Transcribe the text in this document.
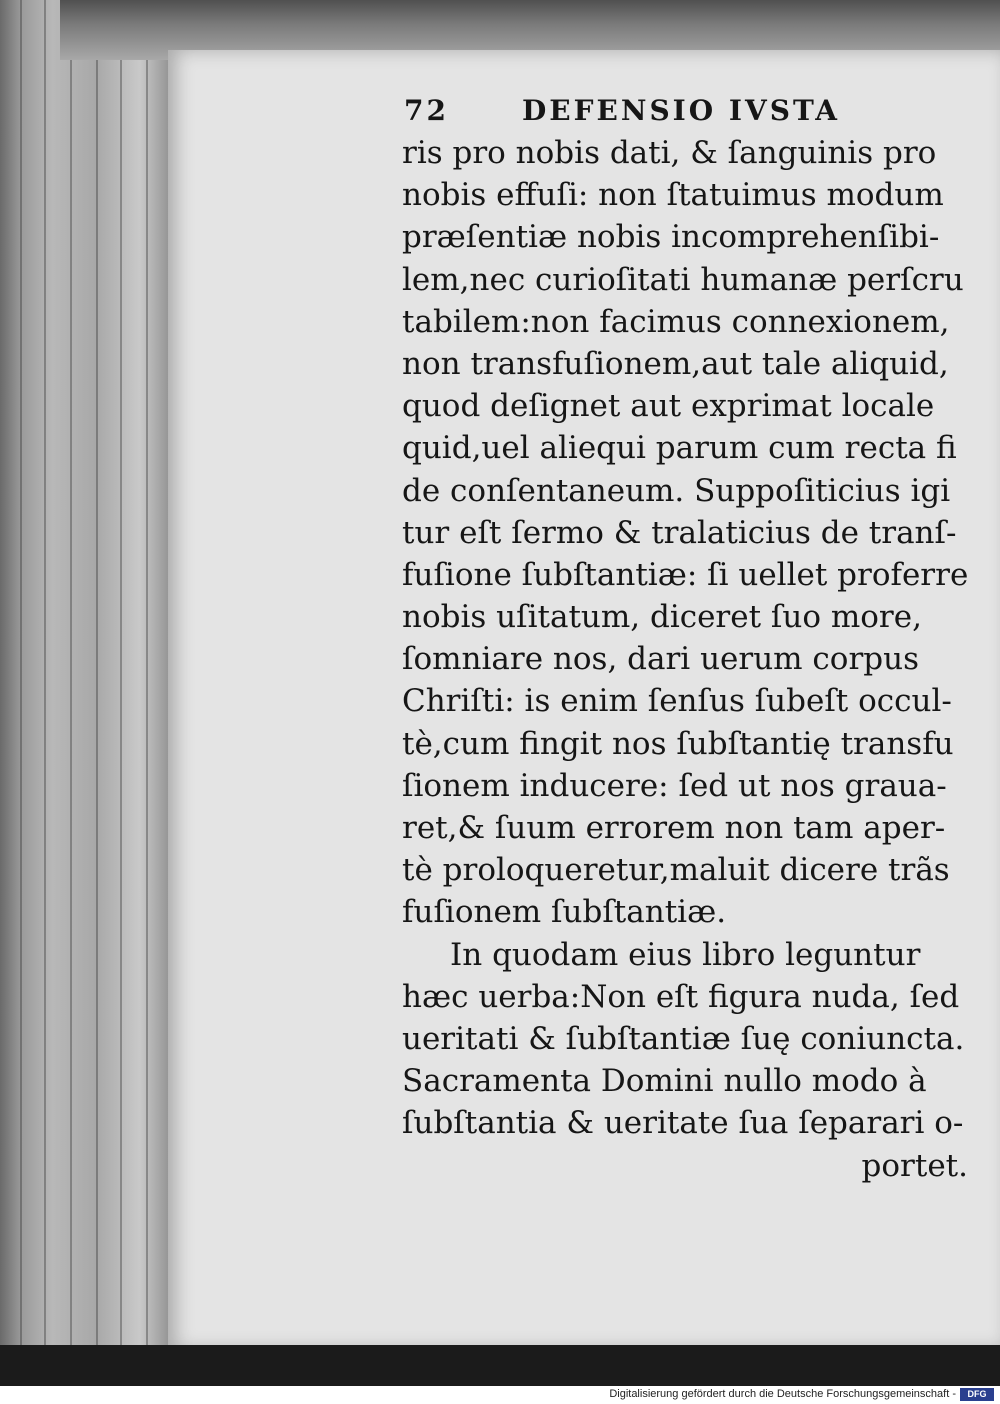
72	DEFENSIO IVSTA
ris pro nobis dati, & ſanguinis pro
nobis effuſi: non ſtatuimus modum
præſentiæ nobis incomprehenſibi-
lem,nec curioſitati humanæ perſcru
tabilem:non facimus connexionem,
non transfuſionem,aut tale aliquid,
quod deſignet aut exprimat locale
quid,uel aliequi parum cum recta fi
de conſentaneum. Suppoſiticius igi
tur eſt ſermo & tralaticius de tranſ-
fuſione ſubſtantiæ: ſi uellet proferre
nobis uſitatum, diceret ſuo more,
ſomniare nos, dari uerum corpus
Chriſti: is enim ſenſus ſubeſt occul-
tè,cum fingit nos ſubſtantię transfu
ſionem inducere: ſed ut nos graua-
ret,& ſuum errorem non tam aper-
tè proloqueretur,maluit dicere trãs
fuſionem ſubſtantiæ.
In quodam eius libro leguntur
hæc uerba:Non eſt figura nuda, ſed
ueritati & ſubſtantiæ ſuę coniuncta.
Sacramenta Domini nullo modo à
ſubſtantia & ueritate ſua ſeparari o-
portet.
Digitalisierung gefördert durch die Deutsche Forschungsgemeinschaft -	DFG
